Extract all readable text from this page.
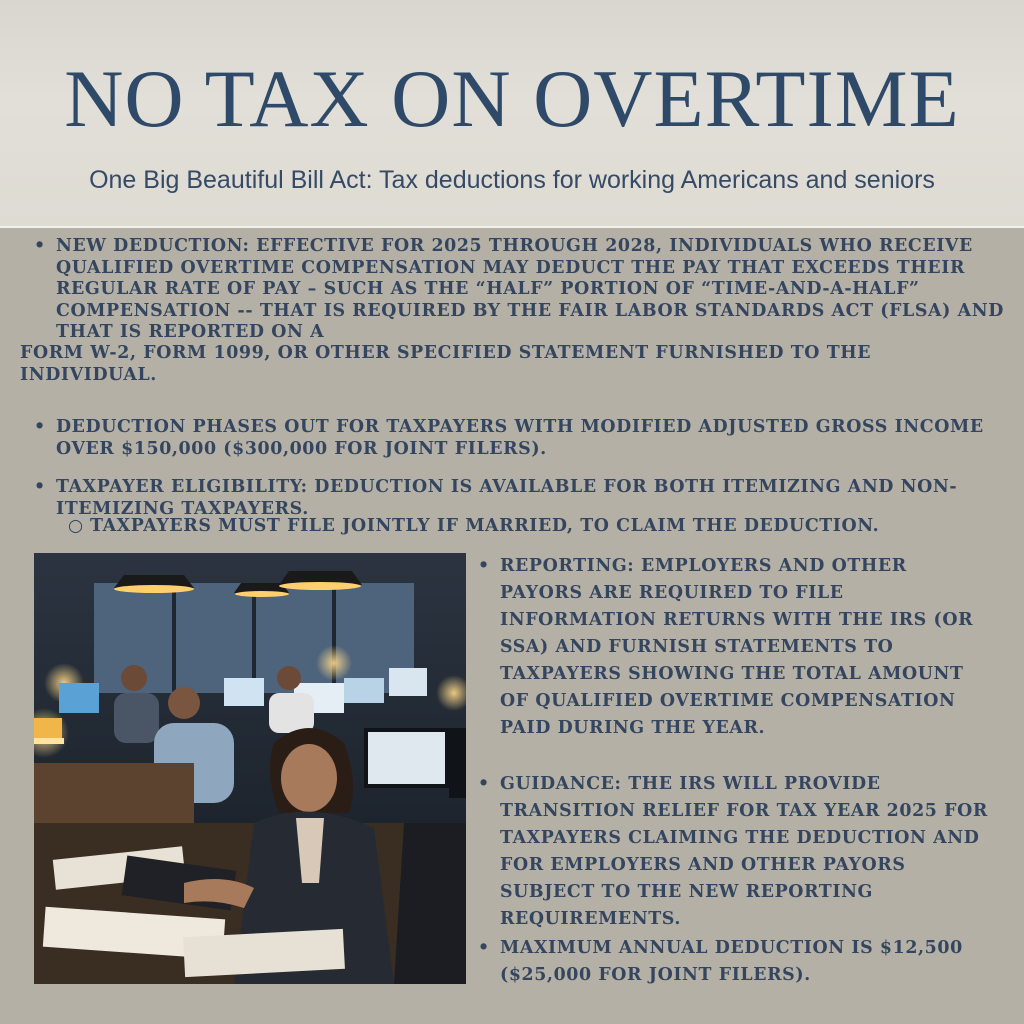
NO TAX ON OVERTIME
One Big Beautiful Bill Act: Tax deductions for working Americans and seniors
• NEW DEDUCTION: EFFECTIVE FOR 2025 THROUGH 2028, INDIVIDUALS WHO RECEIVE QUALIFIED OVERTIME COMPENSATION MAY DEDUCT THE PAY THAT EXCEEDS THEIR REGULAR RATE OF PAY – SUCH AS THE “HALF” PORTION OF “TIME-AND-A-HALF” COMPENSATION -- THAT IS REQUIRED BY THE FAIR LABOR STANDARDS ACT (FLSA) AND THAT IS REPORTED ON A
FORM W-2, FORM 1099, OR OTHER SPECIFIED STATEMENT FURNISHED TO THE INDIVIDUAL.
• DEDUCTION PHASES OUT FOR TAXPAYERS WITH MODIFIED ADJUSTED GROSS INCOME OVER $150,000 ($300,000 FOR JOINT FILERS).
• TAXPAYER ELIGIBILITY: DEDUCTION IS AVAILABLE FOR BOTH ITEMIZING AND NON-ITEMIZING TAXPAYERS.
○ TAXPAYERS MUST FILE JOINTLY IF MARRIED, TO CLAIM THE DEDUCTION.
• REPORTING: EMPLOYERS AND OTHER PAYORS ARE REQUIRED TO FILE INFORMATION RETURNS WITH THE IRS (OR SSA) AND FURNISH STATEMENTS TO TAXPAYERS SHOWING THE TOTAL AMOUNT OF QUALIFIED OVERTIME COMPENSATION PAID DURING THE YEAR.
• GUIDANCE: THE IRS WILL PROVIDE TRANSITION RELIEF FOR TAX YEAR 2025 FOR TAXPAYERS CLAIMING THE DEDUCTION AND FOR EMPLOYERS AND OTHER PAYORS SUBJECT TO THE NEW REPORTING REQUIREMENTS.
• MAXIMUM ANNUAL DEDUCTION IS $12,500 ($25,000 FOR JOINT FILERS).
